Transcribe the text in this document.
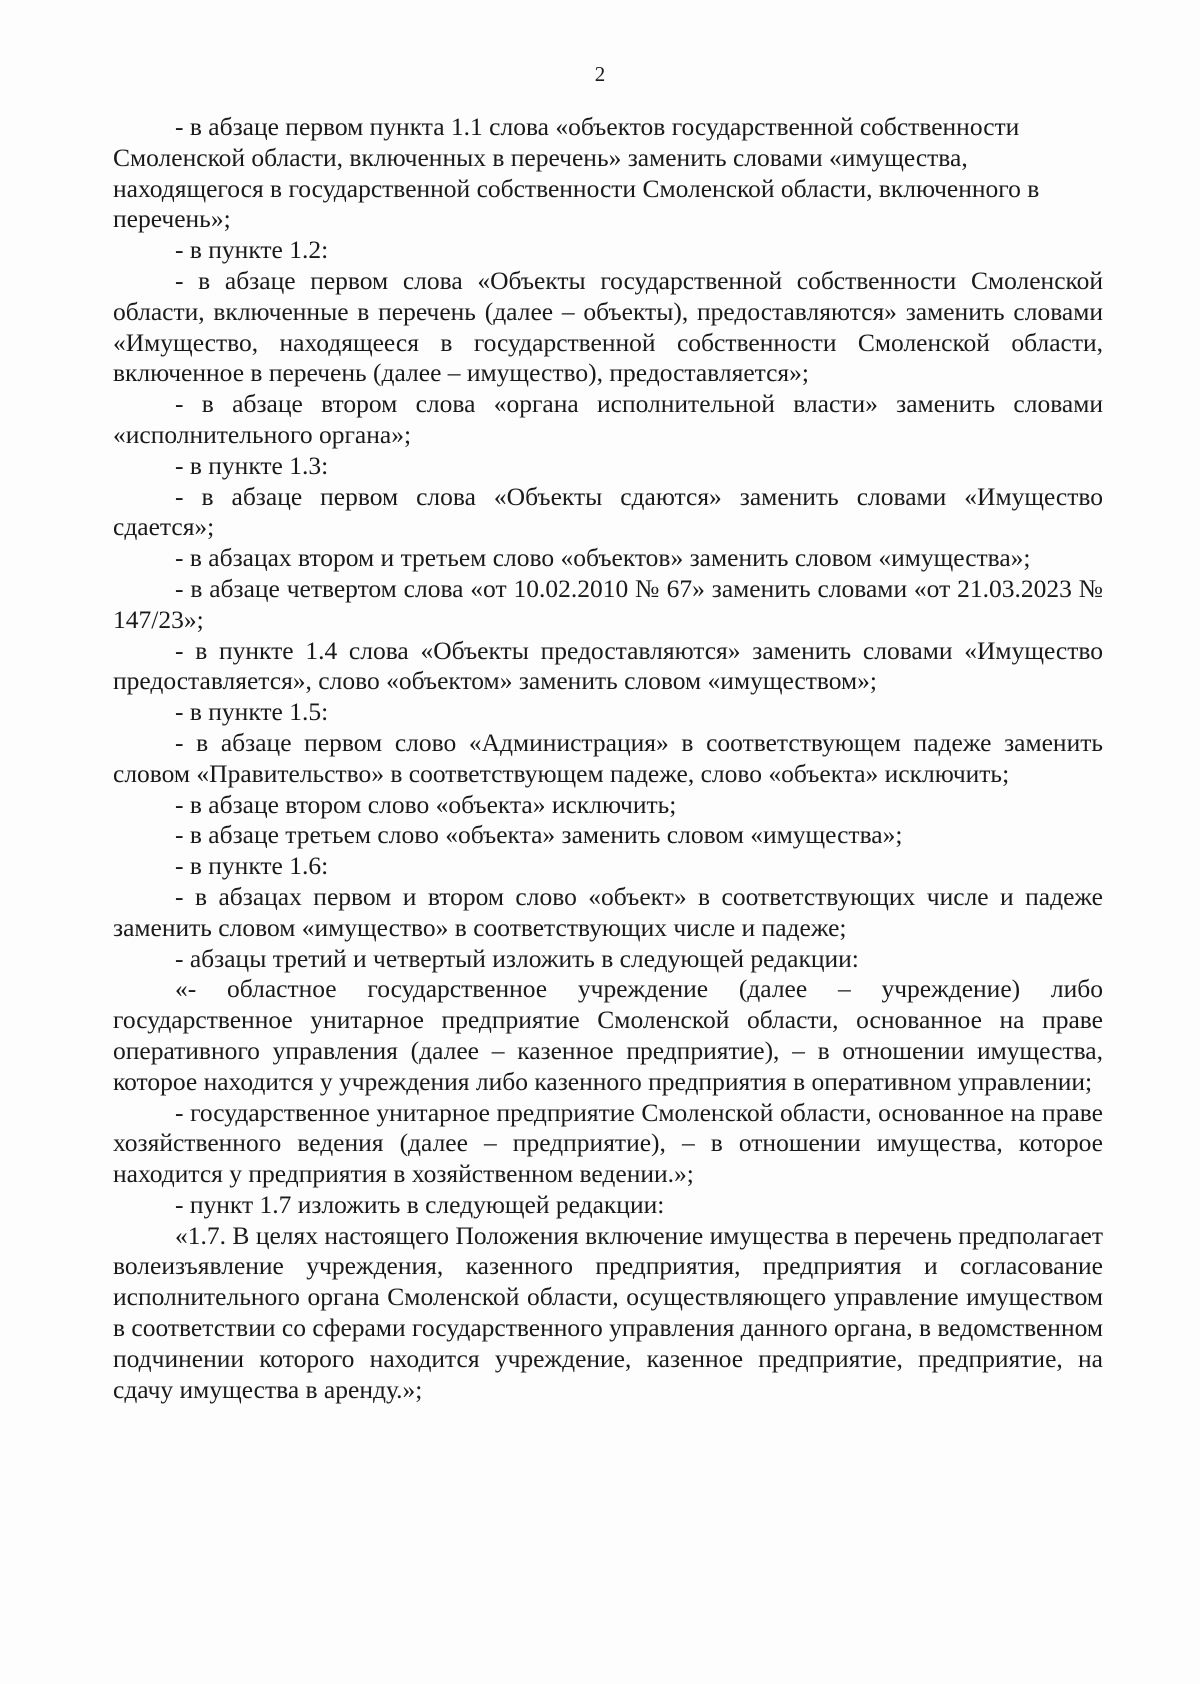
2

- в абзаце первом пункта 1.1 слова «объектов государственной собственности Смоленской области, включенных в перечень» заменить словами «имущества, находящегося в государственной собственности Смоленской области, включенного в перечень»;

- в пункте 1.2:

- в абзаце первом слова «Объекты государственной собственности Смоленской области, включенные в перечень (далее – объекты), предоставляются» заменить словами «Имущество, находящееся в государственной собственности Смоленской области, включенное в перечень (далее – имущество), предоставляется»;

- в абзаце втором слова «органа исполнительной власти» заменить словами «исполнительного органа»;

- в пункте 1.3:

- в абзаце первом слова «Объекты сдаются» заменить словами «Имущество сдается»;

- в абзацах втором и третьем слово «объектов» заменить словом «имущества»;

- в абзаце четвертом слова «от 10.02.2010 № 67» заменить словами «от 21.03.2023 № 147/23»;

- в пункте 1.4 слова «Объекты предоставляются» заменить словами «Имущество предоставляется», слово «объектом» заменить словом «имуществом»;

- в пункте 1.5:

- в абзаце первом слово «Администрация» в соответствующем падеже заменить словом «Правительство» в соответствующем падеже, слово «объекта» исключить;

- в абзаце втором слово «объекта» исключить;

- в абзаце третьем слово «объекта» заменить словом «имущества»;

- в пункте 1.6:

- в абзацах первом и втором слово «объект» в соответствующих числе и падеже заменить словом «имущество» в соответствующих числе и падеже;

- абзацы третий и четвертый изложить в следующей редакции:

«- областное государственное учреждение (далее – учреждение) либо государственное унитарное предприятие Смоленской области, основанное на праве оперативного управления (далее – казенное предприятие), – в отношении имущества, которое находится у учреждения либо казенного предприятия в оперативном управлении;

- государственное унитарное предприятие Смоленской области, основанное на праве хозяйственного ведения (далее – предприятие), – в отношении имущества, которое находится у предприятия в хозяйственном ведении.»;

- пункт 1.7 изложить в следующей редакции:

«1.7. В целях настоящего Положения включение имущества в перечень предполагает волеизъявление учреждения, казенного предприятия, предприятия и согласование исполнительного органа Смоленской области, осуществляющего управление имуществом в соответствии со сферами государственного управления данного органа, в ведомственном подчинении которого находится учреждение, казенное предприятие, предприятие, на сдачу имущества в аренду.»;
